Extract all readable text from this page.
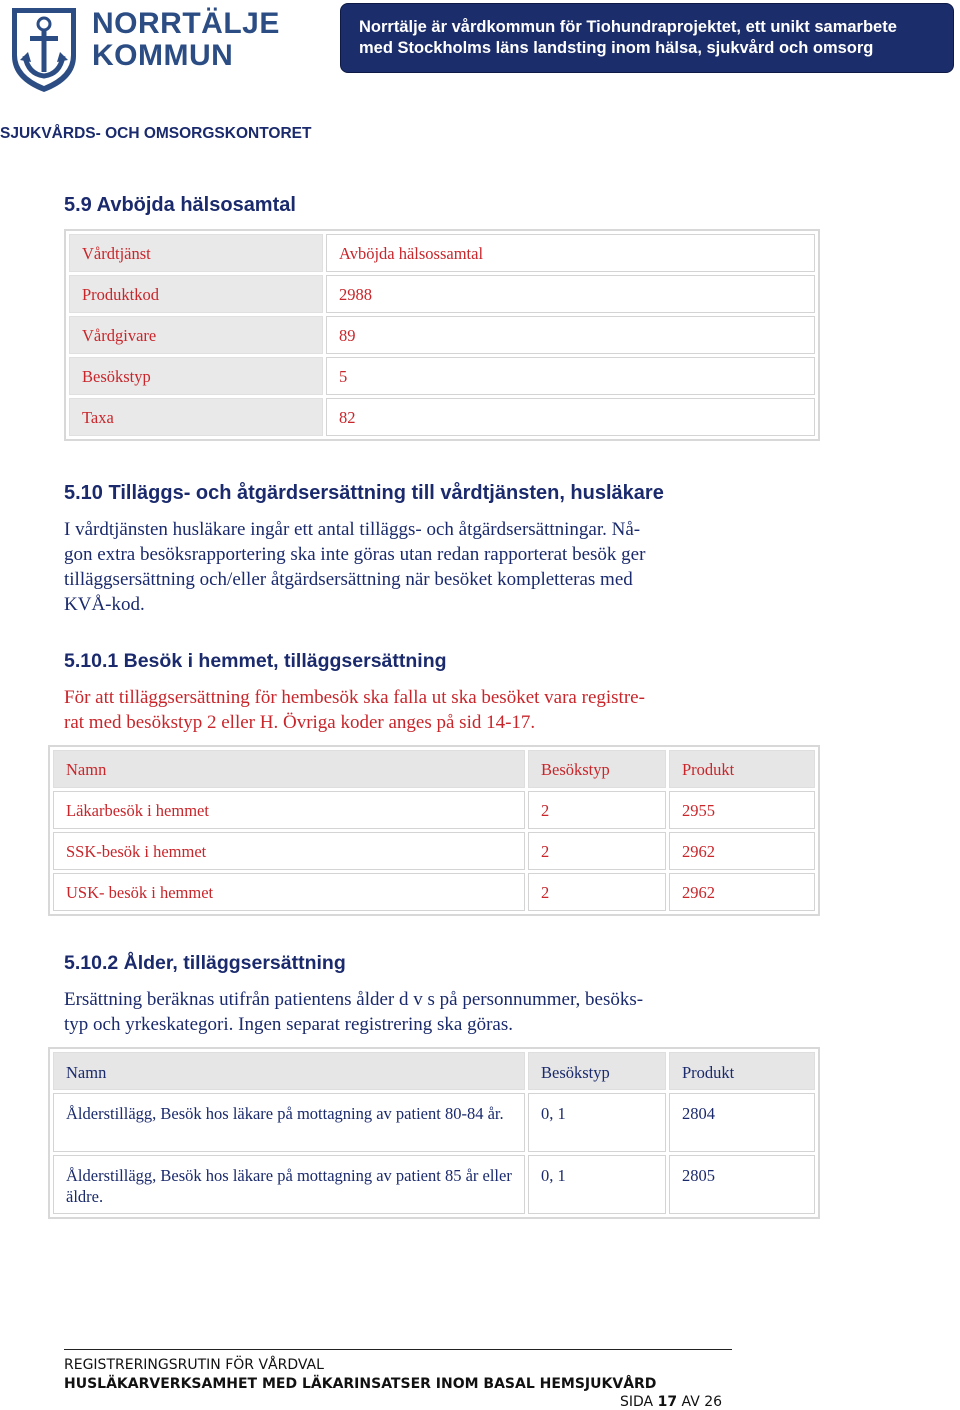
NORRTÄLJE
KOMMUN
Norrtälje är vårdkommun för Tiohundraprojektet, ett unikt samarbete
med Stockholms läns landsting inom hälsa, sjukvård och omsorg
SJUKVÅRDS- OCH OMSORGSKONTORET
5.9 Avböjda hälsosamtal
Vårdtjänst	Avböjda hälsossamtal
Produktkod	2988
Vårdgivare	89
Besökstyp	5
Taxa	82
5.10 Tilläggs- och åtgärdsersättning till vårdtjänsten, husläkare
I vårdtjänsten husläkare ingår ett antal tilläggs- och åtgärdsersättningar. Nå-
gon extra besöksrapportering ska inte göras utan redan rapporterat besök ger
tilläggsersättning och/eller åtgärdsersättning när besöket kompletteras med
KVÅ-kod.
5.10.1 Besök i hemmet, tilläggsersättning
För att tilläggsersättning för hembesök ska falla ut ska besöket vara registre-
rat med besökstyp 2 eller H. Övriga koder anges på sid 14-17.
Namn	Besökstyp	Produkt
Läkarbesök i hemmet	2	2955
SSK-besök i hemmet	2	2962
USK- besök i hemmet	2	2962
5.10.2 Ålder, tilläggsersättning
Ersättning beräknas utifrån patientens ålder d v s på personnummer, besöks-
typ och yrkeskategori. Ingen separat registrering ska göras.
Namn	Besökstyp	Produkt
Ålderstillägg, Besök hos läkare på mottagning av patient 80-84 år.	0, 1	2804
Ålderstillägg, Besök hos läkare på mottagning av patient 85 år eller äldre.	0, 1	2805
REGISTRERINGSRUTIN FÖR VÅRDVAL
HUSLÄKARVERKSAMHET MED LÄKARINSATSER INOM BASAL HEMSJUKVÅRD
SIDA 17 AV 26
